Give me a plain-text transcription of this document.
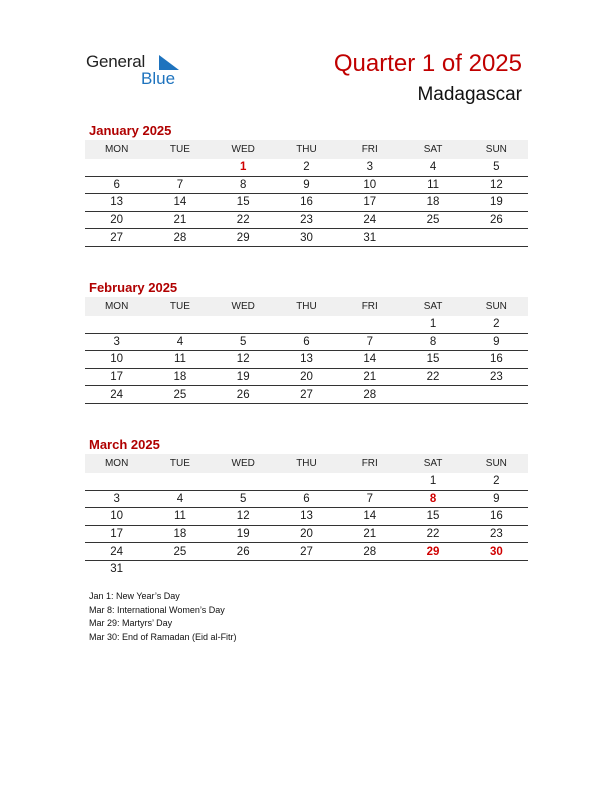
General
Blue
Quarter 1 of 2025
Madagascar
January 2025
MON	TUE	WED	THU	FRI	SAT	SUN
		1	2	3	4	5
6	7	8	9	10	11	12
13	14	15	16	17	18	19
20	21	22	23	24	25	26
27	28	29	30	31		
February 2025
MON	TUE	WED	THU	FRI	SAT	SUN
					1	2
3	4	5	6	7	8	9
10	11	12	13	14	15	16
17	18	19	20	21	22	23
24	25	26	27	28		
March 2025
MON	TUE	WED	THU	FRI	SAT	SUN
					1	2
3	4	5	6	7	8	9
10	11	12	13	14	15	16
17	18	19	20	21	22	23
24	25	26	27	28	29	30
31						
Jan 1: New Year’s Day
Mar 8: International Women’s Day
Mar 29: Martyrs’ Day
Mar 30: End of Ramadan (Eid al-Fitr)
